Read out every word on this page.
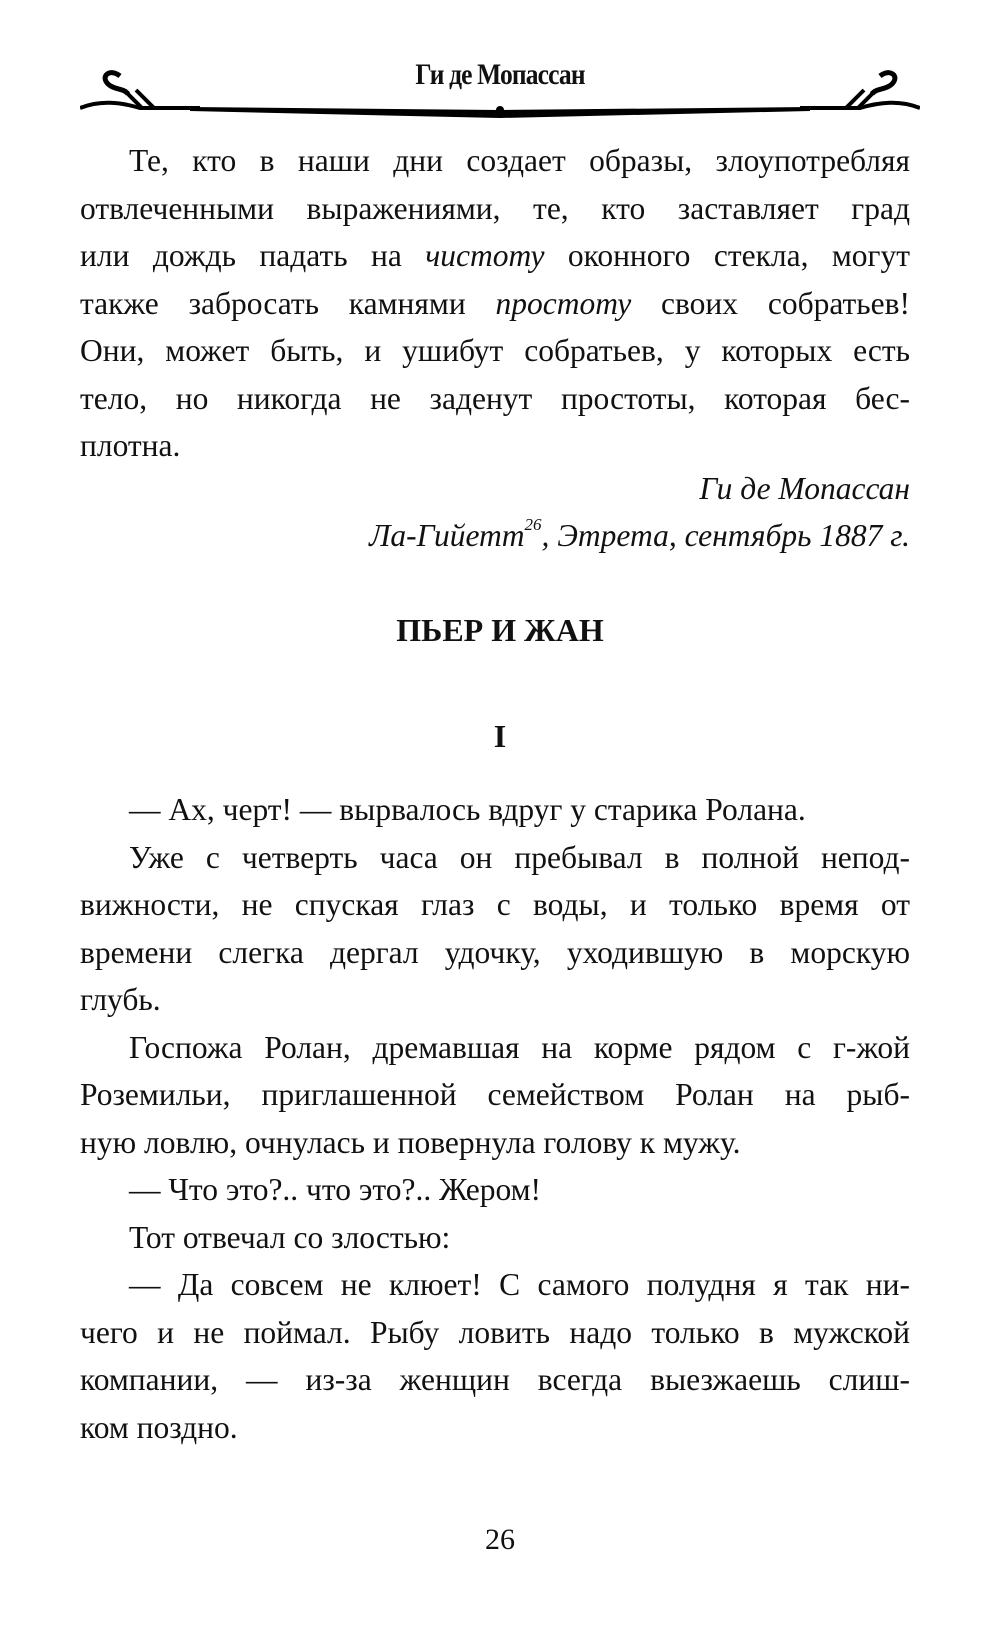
Ги де Мопассан
Те, кто в наши дни создает образы, злоупотребляя
отвлеченными выражениями, те, кто заставляет град
или дождь падать на чистоту оконного стекла, могут
также забросать камнями простоту своих собратьев!
Они, может быть, и ушибут собратьев, у которых есть
тело, но никогда не заденут простоты, которая бес-
плотна.
Ги де Мопассан
Ла-Гийетт$^{26}$, Этрета, сентябрь 1887 г.
ПЬЕР И ЖАН
I
— Ах, черт! — вырвалось вдруг у старика Ролана.
Уже с четверть часа он пребывал в полной непод-
вижности, не спуская глаз с воды, и только время от
времени слегка дергал удочку, уходившую в морскую
глубь.
Госпожа Ролан, дремавшая на корме рядом с г-жой
Роземильи, приглашенной семейством Ролан на рыб-
ную ловлю, очнулась и повернула голову к мужу.
— Что это?.. что это?.. Жером!
Тот отвечал со злостью:
— Да совсем не клюет! С самого полудня я так ни-
чего и не поймал. Рыбу ловить надо только в мужской
компании, — из-за женщин всегда выезжаешь слиш-
ком поздно.
26
